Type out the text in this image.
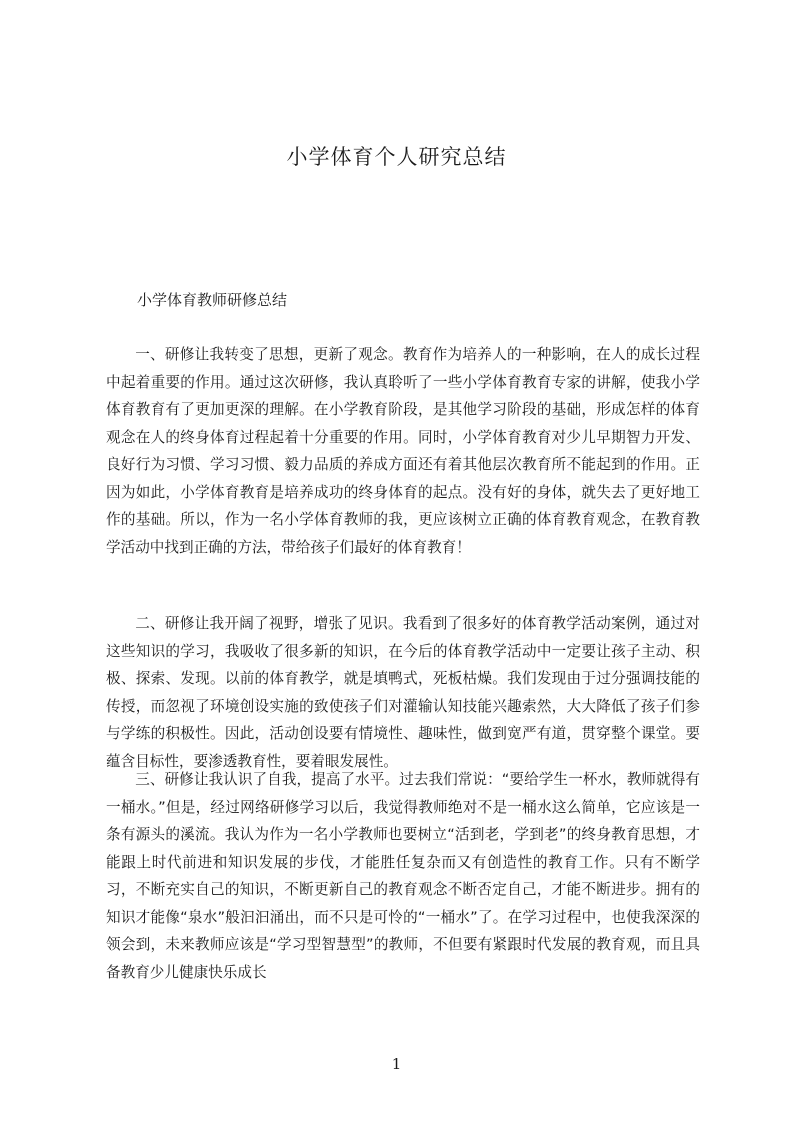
小学体育个人研究总结
小学体育教师研修总结

一、研修让我转变了思想，更新了观念。教育作为培养人的一种影响，在人的成长过程中起着重要的作用。通过这次研修，我认真聆听了一些小学体育教育专家的讲解，使我小学体育教育有了更加更深的理解。在小学教育阶段，是其他学习阶段的基础，形成怎样的体育观念在人的终身体育过程起着十分重要的作用。同时，小学体育教育对少儿早期智力开发、良好行为习惯、学习习惯、毅力品质的养成方面还有着其他层次教育所不能起到的作用。正因为如此，小学体育教育是培养成功的终身体育的起点。没有好的身体，就失去了更好地工作的基础。所以，作为一名小学体育教师的我，更应该树立正确的体育教育观念，在教育教学活动中找到正确的方法，带给孩子们最好的体育教育！

二、研修让我开阔了视野，增张了见识。我看到了很多好的体育教学活动案例，通过对这些知识的学习，我吸收了很多新的知识，在今后的体育教学活动中一定要让孩子主动、积极、探索、发现。以前的体育教学，就是填鸭式，死板枯燥。我们发现由于过分强调技能的传授，而忽视了环境创设实施的致使孩子们对灌输认知技能兴趣索然，大大降低了孩子们参与学练的积极性。因此，活动创设要有情境性、趣味性，做到宽严有道，贯穿整个课堂。要蕴含目标性，要渗透教育性，要着眼发展性。

三、研修让我认识了自我，提高了水平。过去我们常说：“要给学生一杯水，教师就得有一桶水。”但是，经过网络研修学习以后，我觉得教师绝对不是一桶水这么简单，它应该是一条有源头的溪流。我认为作为一名小学教师也要树立“活到老，学到老”的终身教育思想，才能跟上时代前进和知识发展的步伐，才能胜任复杂而又有创造性的教育工作。只有不断学习，不断充实自己的知识，不断更新自己的教育观念不断否定自己，才能不断进步。拥有的知识才能像“泉水”般汩汩涌出，而不只是可怜的“一桶水”了。在学习过程中，也使我深深的领会到，未来教师应该是“学习型智慧型”的教师，不但要有紧跟时代发展的教育观，而且具备教育少儿健康快乐成长

1
